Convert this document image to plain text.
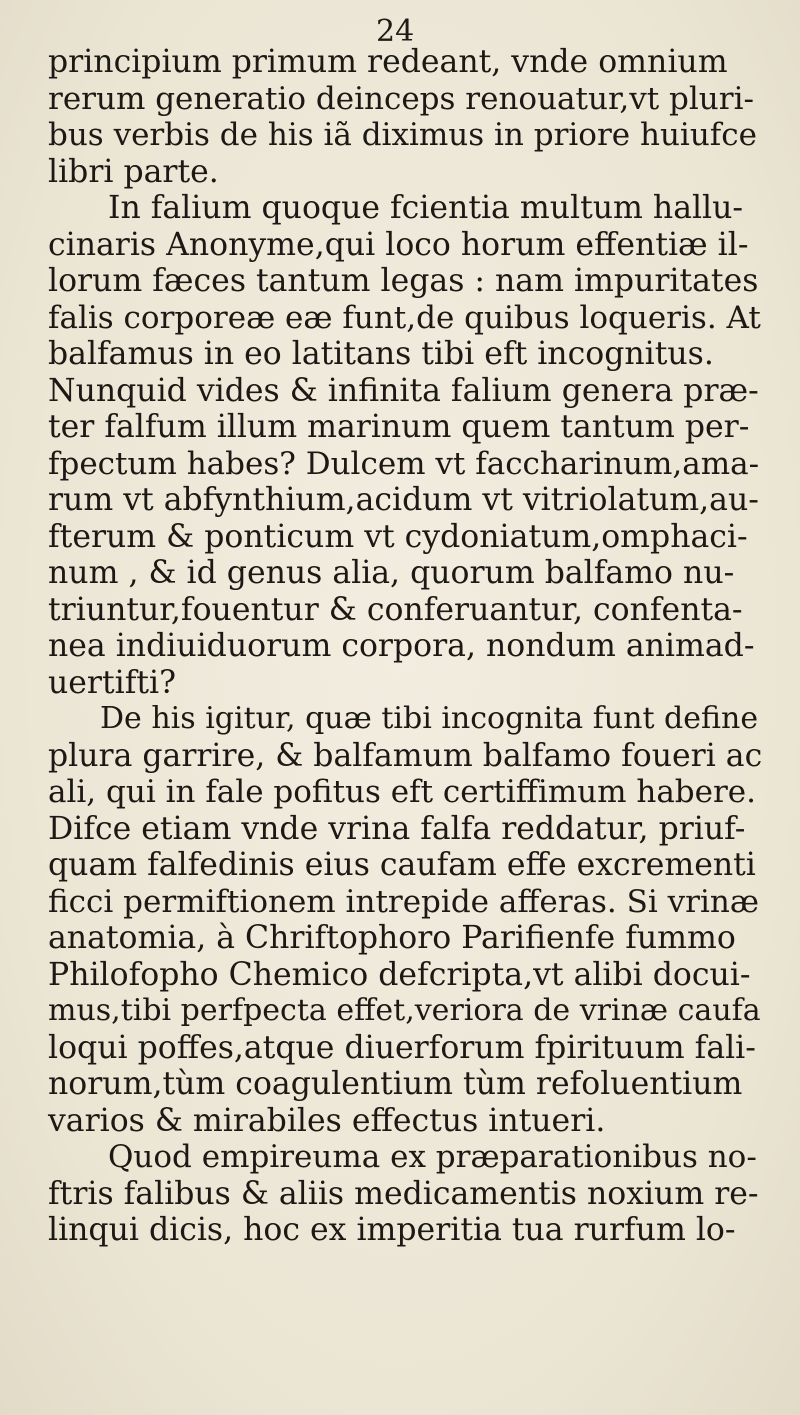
24
principium primum redeant, vnde omnium
rerum generatio deinceps renouatur,vt pluri-
bus verbis de his iã diximus in priore huiufce
libri parte.
In falium quoque fcientia multum hallu-
cinaris Anonyme,qui loco horum effentiæ il-
lorum fæces tantum legas : nam impuritates
falis corporeæ eæ funt,de quibus loqueris. At
balfamus in eo latitans tibi eft incognitus.
Nunquid vides & infinita falium genera præ-
ter falfum illum marinum quem tantum per-
fpectum habes? Dulcem vt faccharinum,ama-
rum vt abfynthium,acidum vt vitriolatum,au-
fterum & ponticum vt cydoniatum,omphaci-
num , & id genus alia, quorum balfamo nu-
triuntur,fouentur & conferuantur, confenta-
nea indiuiduorum corpora, nondum animad-
uertifti?
De his igitur, quæ tibi incognita funt define
plura garrire, & balfamum balfamo foueri ac
ali, qui in fale pofitus eft certiffimum habere.
Difce etiam vnde vrina falfa reddatur, priuf-
quam falfedinis eius caufam effe excrementi
ficci permiftionem intrepide afferas. Si vrinæ
anatomia, à Chriftophoro Parifienfe fummo
Philofopho Chemico defcripta,vt alibi docui-
mus,tibi perfpecta effet,veriora de vrinæ caufa
loqui poffes,atque diuerforum fpirituum fali-
norum,tùm coagulentium tùm refoluentium
varios & mirabiles effectus intueri.
Quod empireuma ex præparationibus no-
ftris falibus & aliis medicamentis noxium re-
linqui dicis, hoc ex imperitia tua rurfum lo-
